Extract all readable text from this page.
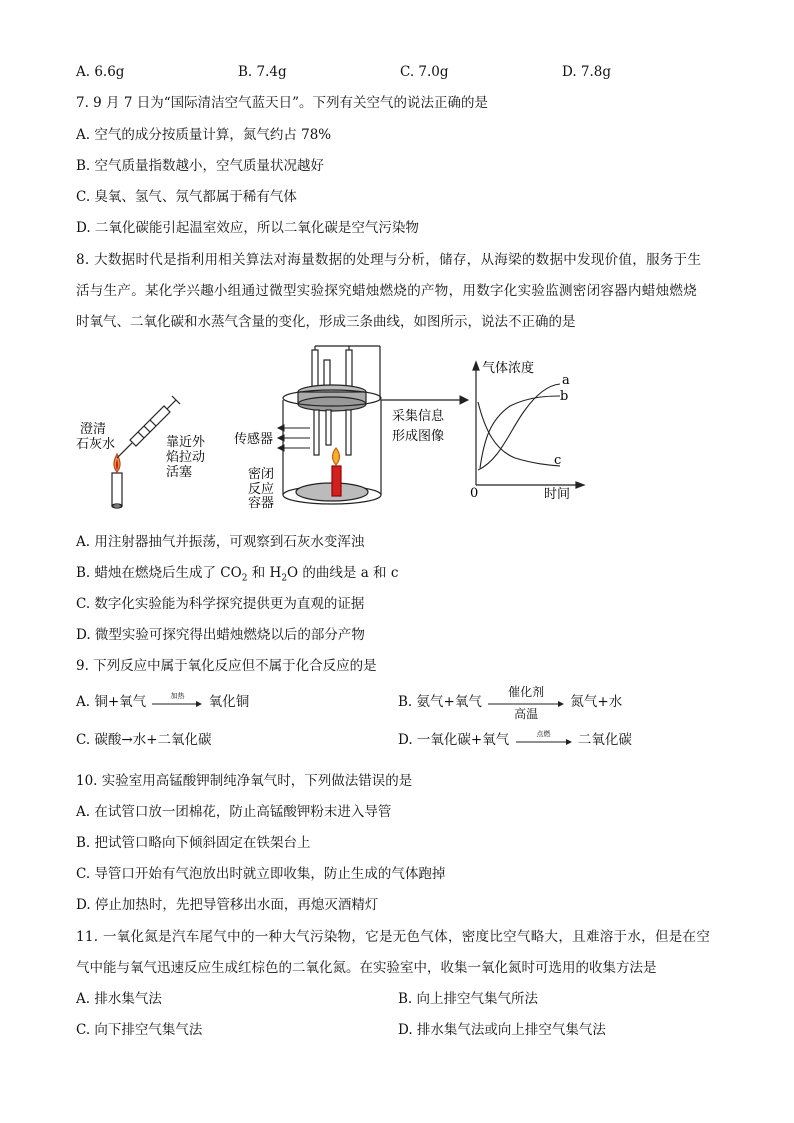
A. 6.6g	B. 7.4g	C. 7.0g	D. 7.8g
7. 9 月 7 日为“国际清洁空气蓝天日”。下列有关空气的说法正确的是
A. 空气的成分按质量计算，氮气约占 78%
B. 空气质量指数越小，空气质量状况越好
C. 臭氧、氢气、氖气都属于稀有气体
D. 二氧化碳能引起温室效应，所以二氧化碳是空气污染物
8. 大数据时代是指利用相关算法对海量数据的处理与分析，储存，从海梁的数据中发现价值，服务于生
活与生产。某化学兴趣小组通过微型实验探究蜡烛燃烧的产物，用数字化实验监测密闭容器内蜡烛燃烧
时氧气、二氧化碳和水蒸气含量的变化，形成三条曲线，如图所示，说法不正确的是
澄清
石灰水	靠近外
焰拉动
活塞
传感器
密闭
反应
容器
采集信息
形成图像
气体浓度
时间
0
a
b
c
A. 用注射器抽气并振荡，可观察到石灰水变浑浊
B. 蜡烛在燃烧后生成了 $CO_2$ 和 $H_2O$ 的曲线是 a 和 c
C. 数字化实验能为科学探究提供更为直观的证据
D. 微型实验可探究得出蜡烛燃烧以后的部分产物
9. 下列反应中属于氧化反应但不属于化合反应的是
A. 铜+氧气	加热	氧化铜	B. 氨气+氧气
催化剂
高温
氮气+水
C. 碳酸→水+二氧化碳	D. 一氧化碳+氧气	点燃	二氧化碳
10. 实验室用高锰酸钾制纯净氧气时，下列做法错误的是
A. 在试管口放一团棉花，防止高锰酸钾粉末进入导管
B. 把试管口略向下倾斜固定在铁架台上
C. 导管口开始有气泡放出时就立即收集，防止生成的气体跑掉
D. 停止加热时，先把导管移出水面，再熄灭酒精灯
11. 一氧化氮是汽车尾气中的一种大气污染物，它是无色气体，密度比空气略大，且难溶于水，但是在空
气中能与氧气迅速反应生成红棕色的二氧化氮。在实验室中，收集一氧化氮时可选用的收集方法是
A. 排水集气法	B. 向上排空气集气所法
C. 向下排空气集气法	D. 排水集气法或向上排空气集气法
